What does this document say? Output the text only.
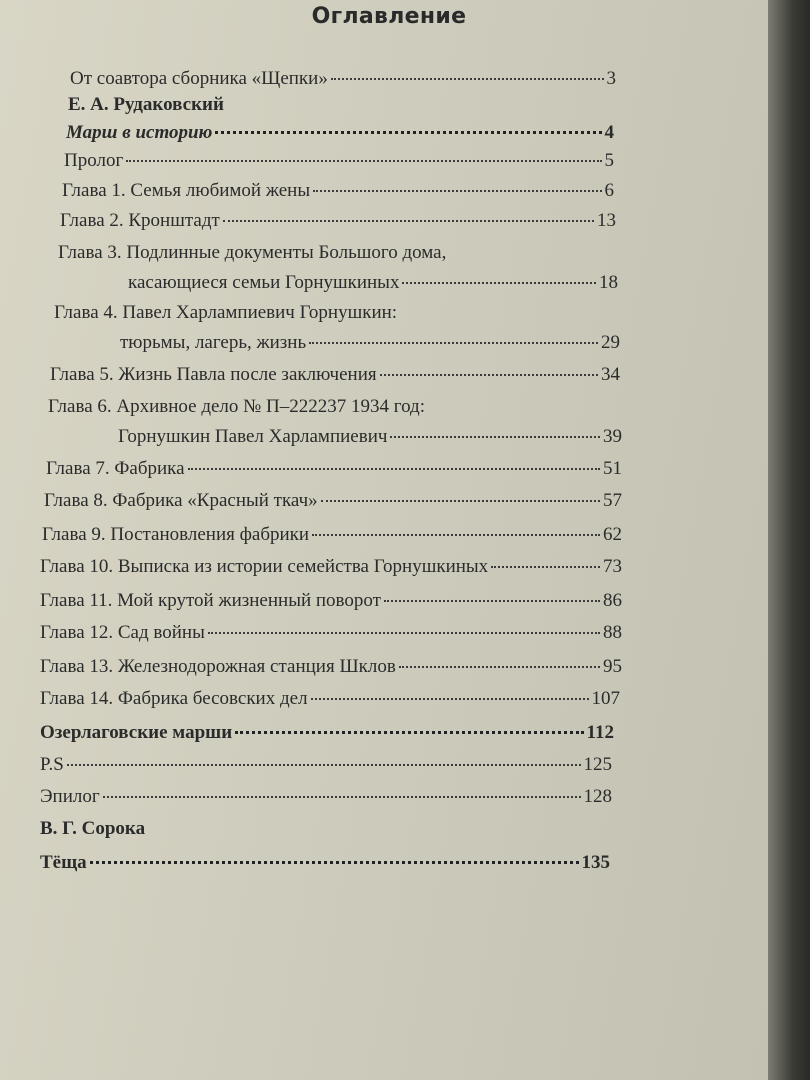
Оглавление
От соавтора сборника «Щепки»	3
Е. А. Рудаковский
Марш в историю	4
Пролог	5
Глава 1. Семья любимой жены	6
Глава 2. Кронштадт	13
Глава 3. Подлинные документы Большого дома,
касающиеся семьи Горнушкиных	18
Глава 4. Павел Харлампиевич Горнушкин:
тюрьмы, лагерь, жизнь	29
Глава 5. Жизнь Павла после заключения	34
Глава 6. Архивное дело № П–222237 1934 год:
Горнушкин Павел Харлампиевич	39
Глава 7. Фабрика	51
Глава 8. Фабрика «Красный ткач»	57
Глава 9. Постановления фабрики	62
Глава 10. Выписка из истории семейства Горнушкиных	73
Глава 11. Мой крутой жизненный поворот	86
Глава 12. Сад войны	88
Глава 13. Железнодорожная станция Шклов	95
Глава 14. Фабрика бесовских дел	107
Озерлаговские марши	112
P.S	125
Эпилог	128
В. Г. Сорока
Тёща	135
